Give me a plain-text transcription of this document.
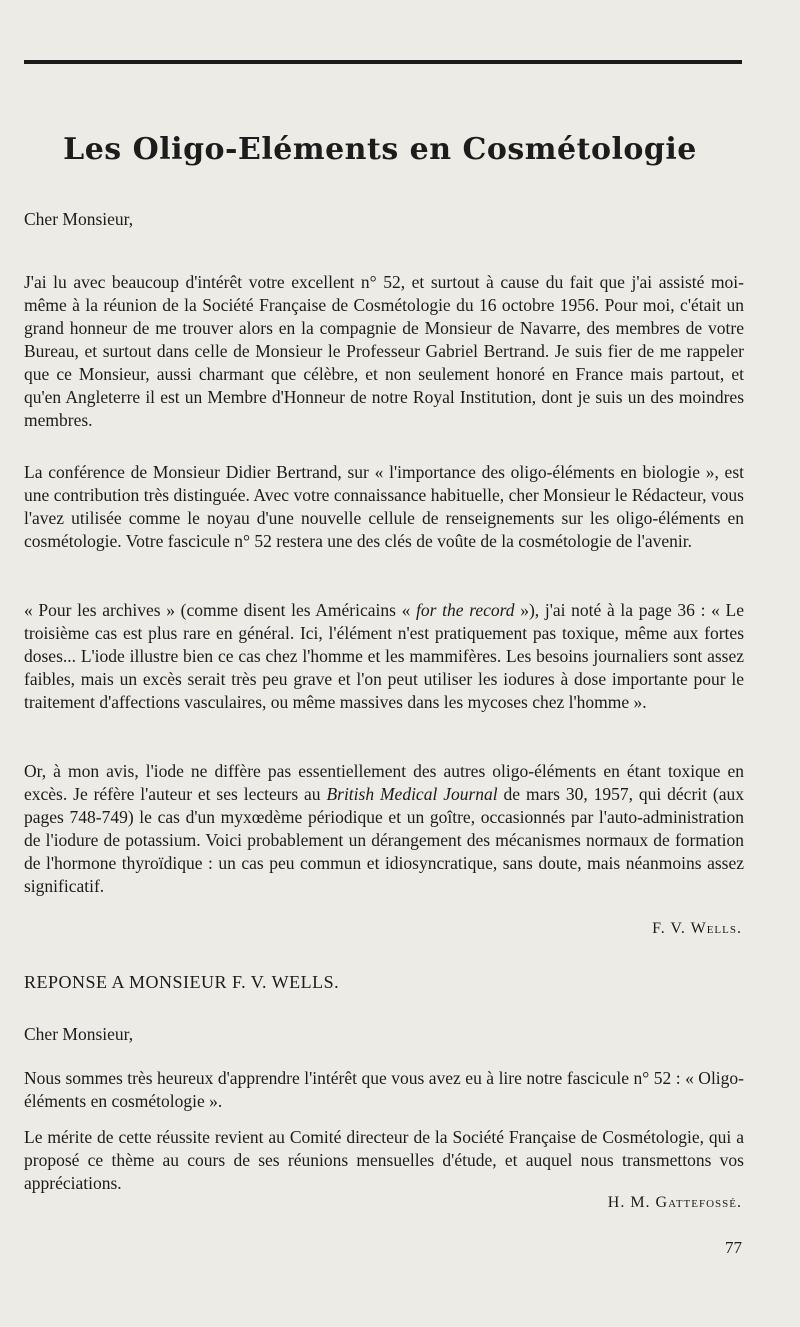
Les Oligo-Eléments en Cosmétologie
Cher Monsieur,
J'ai lu avec beaucoup d'intérêt votre excellent n° 52, et surtout à cause du fait que j'ai assisté moi-même à la réunion de la Société Française de Cosmétologie du 16 octobre 1956. Pour moi, c'était un grand honneur de me trouver alors en la compagnie de Monsieur de Navarre, des membres de votre Bureau, et surtout dans celle de Monsieur le Professeur Gabriel Bertrand. Je suis fier de me rappeler que ce Monsieur, aussi charmant que célèbre, et non seulement honoré en France mais partout, et qu'en Angleterre il est un Membre d'Honneur de notre Royal Institution, dont je suis un des moindres membres.
La conférence de Monsieur Didier Bertrand, sur « l'importance des oligo-éléments en biologie », est une contribution très distinguée. Avec votre connaissance habituelle, cher Monsieur le Rédacteur, vous l'avez utilisée comme le noyau d'une nouvelle cellule de renseignements sur les oligo-éléments en cosmétologie. Votre fascicule n° 52 restera une des clés de voûte de la cosmétologie de l'avenir.
« Pour les archives » (comme disent les Américains « for the record »), j'ai noté à la page 36 : « Le troisième cas est plus rare en général. Ici, l'élément n'est pratiquement pas toxique, même aux fortes doses... L'iode illustre bien ce cas chez l'homme et les mammifères. Les besoins journaliers sont assez faibles, mais un excès serait très peu grave et l'on peut utiliser les iodures à dose importante pour le traitement d'affections vasculaires, ou même massives dans les mycoses chez l'homme ».
Or, à mon avis, l'iode ne diffère pas essentiellement des autres oligo-éléments en étant toxique en excès. Je réfère l'auteur et ses lecteurs au British Medical Journal de mars 30, 1957, qui décrit (aux pages 748-749) le cas d'un myxœdème périodique et un goître, occasionnés par l'auto-administration de l'iodure de potassium. Voici probablement un dérangement des mécanismes normaux de formation de l'hormone thyroïdique : un cas peu commun et idiosyncratique, sans doute, mais néanmoins assez significatif.
F. V. Wells.
REPONSE A MONSIEUR F. V. WELLS.
Cher Monsieur,
Nous sommes très heureux d'apprendre l'intérêt que vous avez eu à lire notre fascicule n° 52 : « Oligo-éléments en cosmétologie ».
Le mérite de cette réussite revient au Comité directeur de la Société Française de Cosmétologie, qui a proposé ce thème au cours de ses réunions mensuelles d'étude, et auquel nous transmettons vos appréciations.
H. M. Gattefossé.
77
